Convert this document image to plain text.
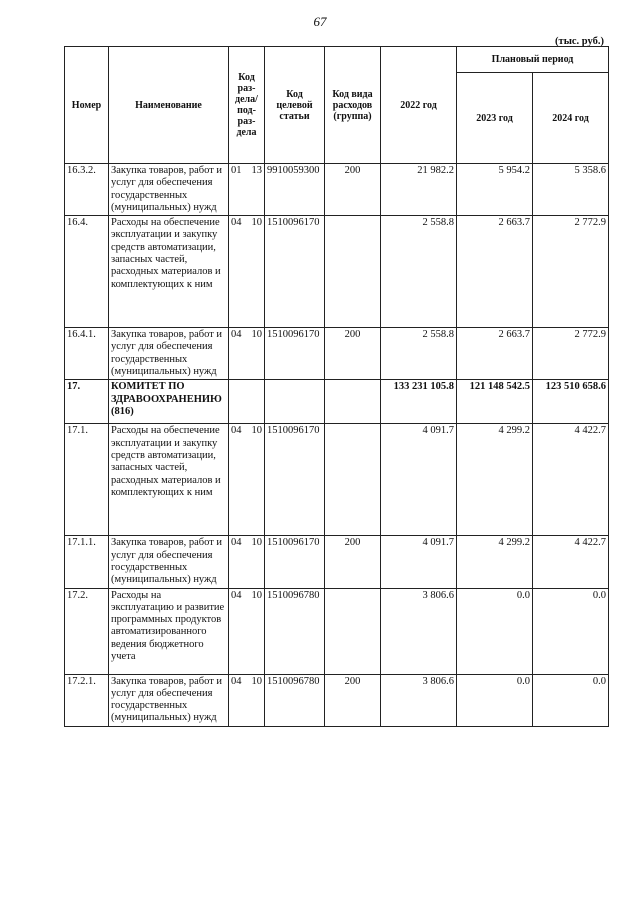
67
(тыс. руб.)
Номер	Наименование	Код раз-дела/ под-раз-дела	Код целевой статьи	Код вида расходов (группа)	2022 год	Плановый период	
						2023 год	2024 год
16.3.2.	Закупка товаров, работ и услуг для обеспечения государственных (муниципальных) нужд	01 13	9910059300	200	21 982.2	5 954.2	5 358.6
16.4.	Расходы на обеспечение эксплуатации и закупку средств автоматизации, запасных частей, расходных материалов и комплектующих к ним	04 10	1510096170		2 558.8	2 663.7	2 772.9
16.4.1.	Закупка товаров, работ и услуг для обеспечения государственных (муниципальных) нужд	04 10	1510096170	200	2 558.8	2 663.7	2 772.9
17.	КОМИТЕТ ПО ЗДРАВООХРАНЕНИЮ (816)				133 231 105.8	121 148 542.5	123 510 658.6
17.1.	Расходы на обеспечение эксплуатации и закупку средств автоматизации, запасных частей, расходных материалов и комплектующих к ним	04 10	1510096170		4 091.7	4 299.2	4 422.7
17.1.1.	Закупка товаров, работ и услуг для обеспечения государственных (муниципальных) нужд	04 10	1510096170	200	4 091.7	4 299.2	4 422.7
17.2.	Расходы на эксплуатацию и развитие программных продуктов автоматизированного ведения бюджетного учета	04 10	1510096780		3 806.6	0.0	0.0
17.2.1.	Закупка товаров, работ и услуг для обеспечения государственных (муниципальных) нужд	04 10	1510096780	200	3 806.6	0.0	0.0
